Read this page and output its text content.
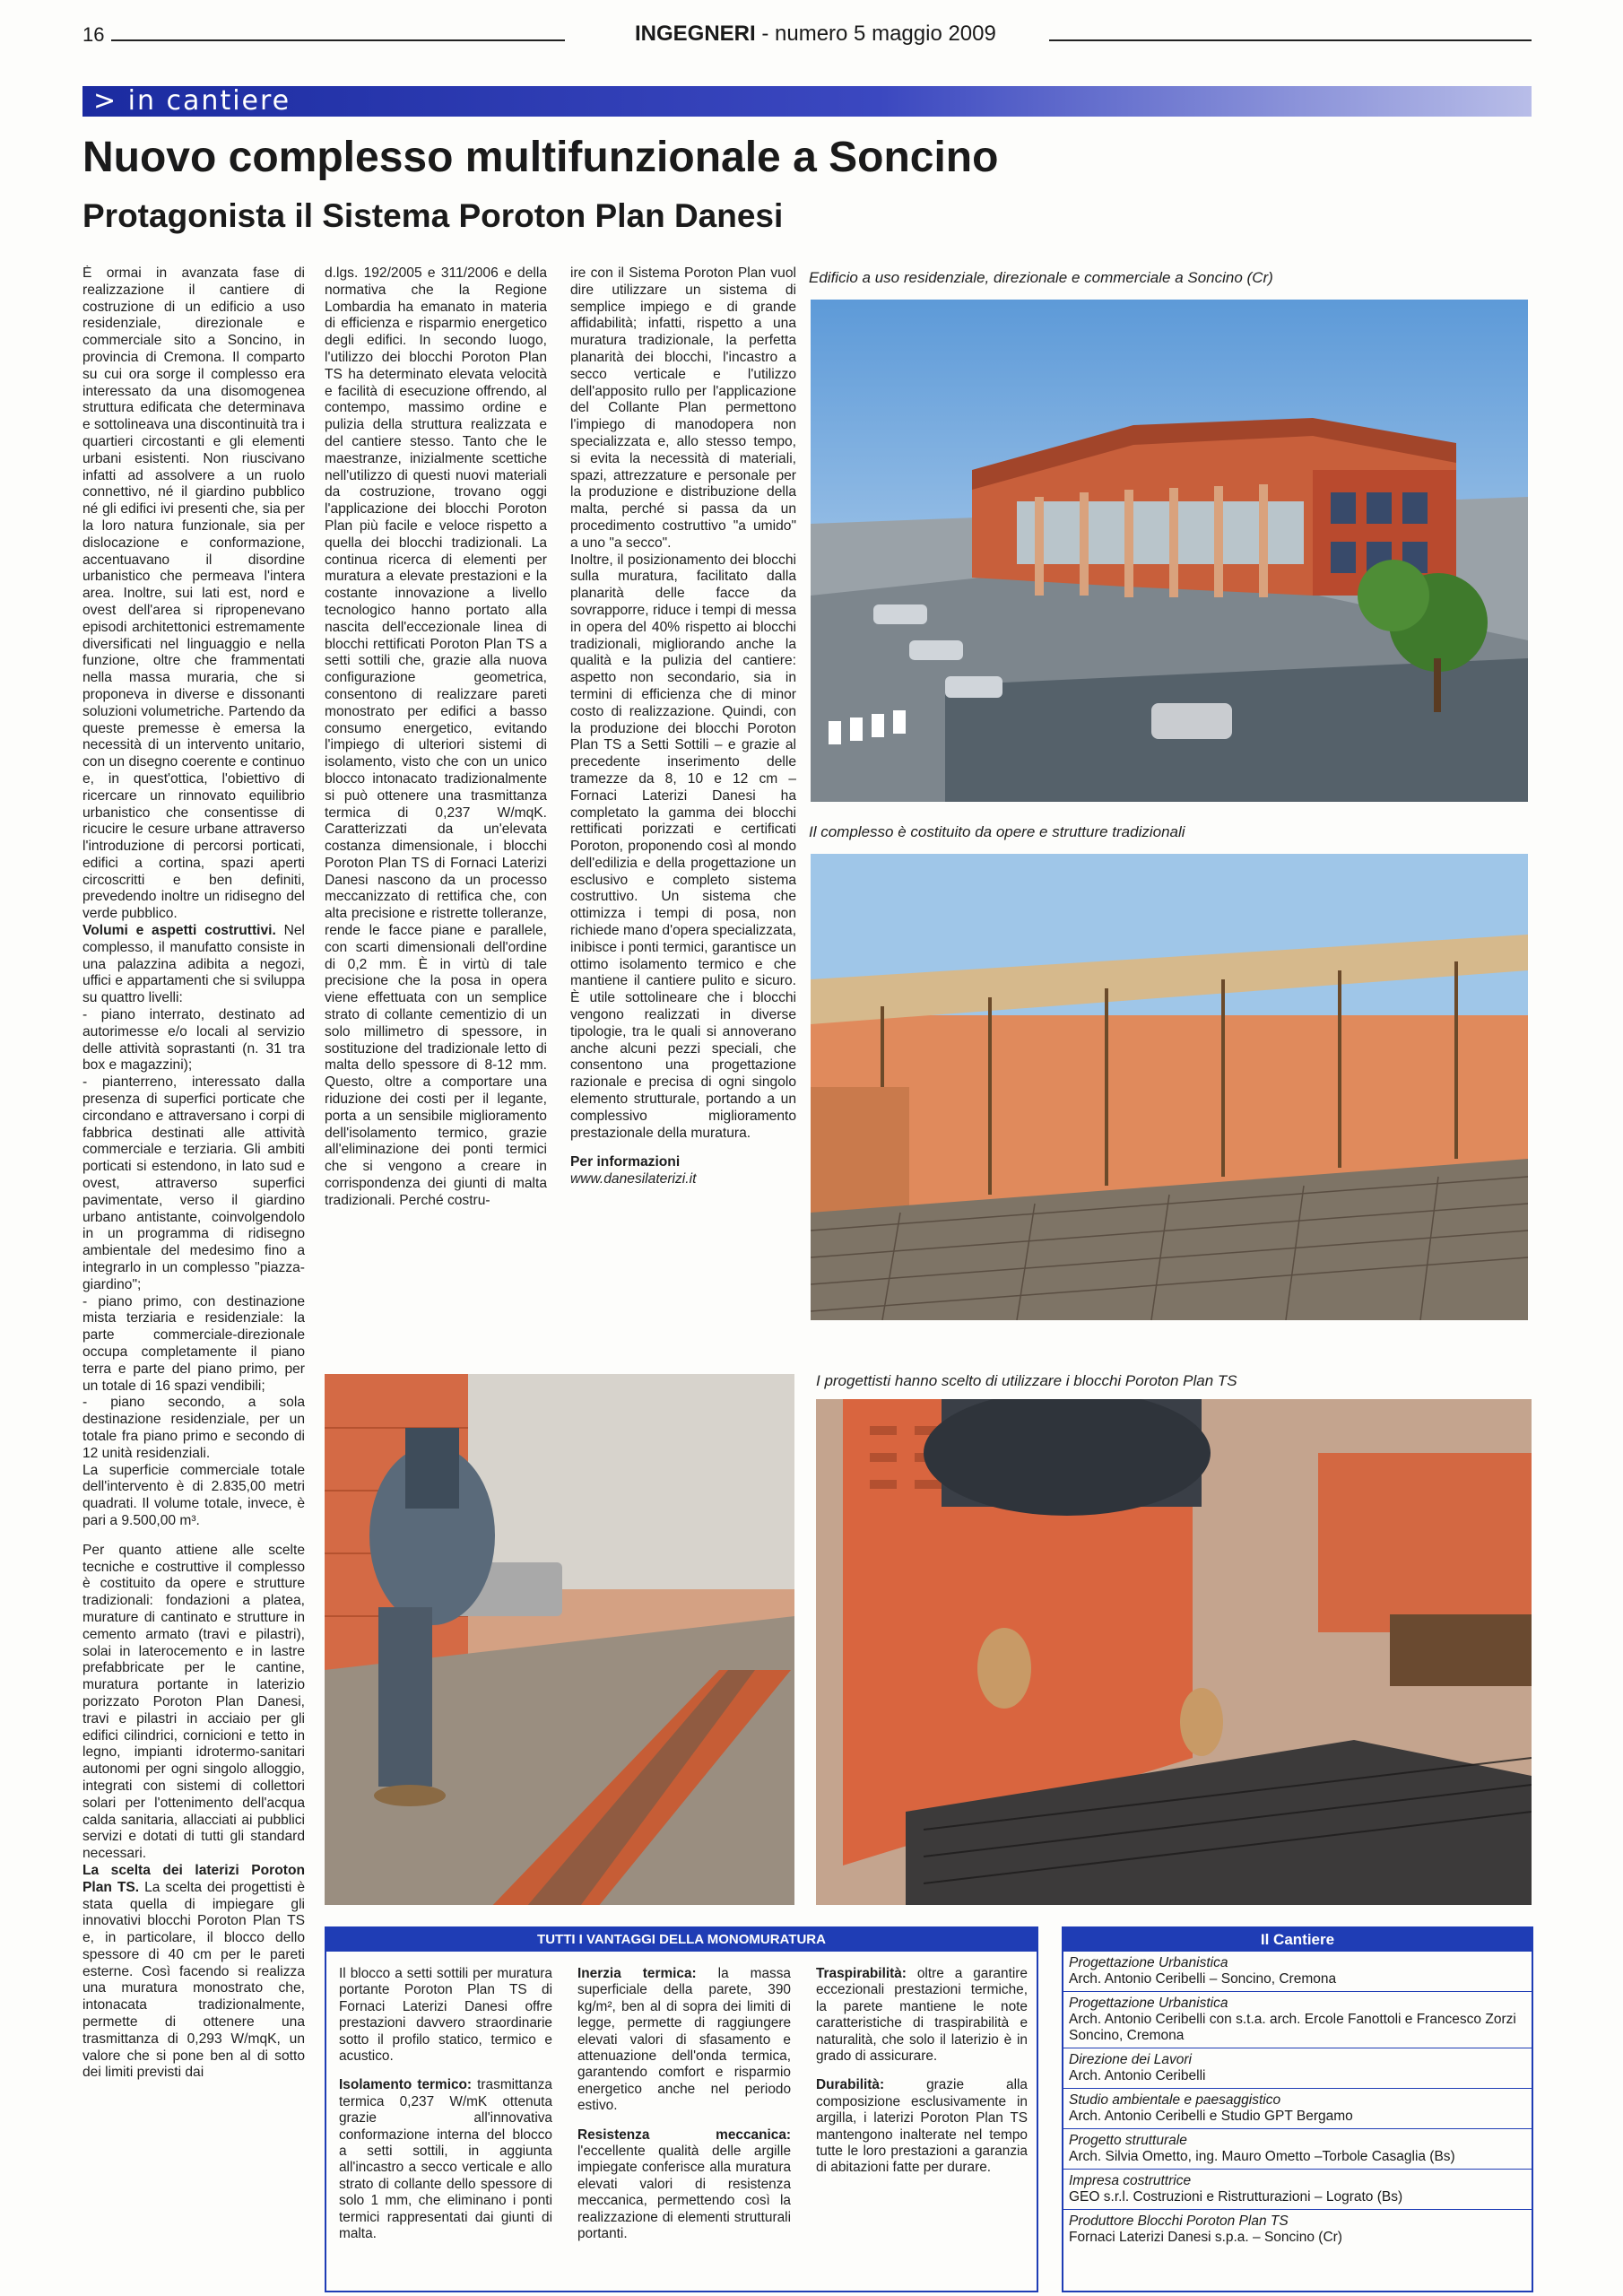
16	INGEGNERI - numero 5 maggio 2009
> in cantiere
Nuovo complesso multifunzionale a Soncino
Protagonista il Sistema Poroton Plan Danesi

È ormai in avanzata fase di realizzazione il cantiere di costruzione di un edificio a uso residenziale, direzionale e commerciale sito a Soncino, in provincia di Cremona. Il comparto su cui ora sorge il complesso era interessato da una disomogenea struttura edificata che determinava e sottolineava una discontinuità tra i quartieri circostanti e gli elementi urbani esistenti. Non riuscivano infatti ad assolvere a un ruolo connettivo, né il giardino pubblico né gli edifici ivi presenti che, sia per la loro natura funzionale, sia per dislocazione e conformazione, accentuavano il disordine urbanistico che permeava l'intera area. Inoltre, sui lati est, nord e ovest dell'area si ripropenevano episodi architettonici estremamente diversificati nel linguaggio e nella funzione, oltre che frammentati nella massa muraria, che si proponeva in diverse e dissonanti soluzioni volumetriche. Partendo da queste premesse è emersa la necessità di un intervento unitario, con un disegno coerente e continuo e, in quest'ottica, l'obiettivo di ricercare un rinnovato equilibrio urbanistico che consentisse di ricucire le cesure urbane attraverso l'introduzione di percorsi porticati, edifici a cortina, spazi aperti circoscritti e ben definiti, prevedendo inoltre un ridisegno del verde pubblico.

Volumi e aspetti costruttivi. Nel complesso, il manufatto consiste in una palazzina adibita a negozi, uffici e appartamenti che si sviluppa su quattro livelli:

- piano interrato, destinato ad autorimesse e/o locali al servizio delle attività soprastanti (n. 31 tra box e magazzini);

- pianterreno, interessato dalla presenza di superfici porticate che circondano e attraversano i corpi di fabbrica destinati alle attività commerciale e terziaria. Gli ambiti porticati si estendono, in lato sud e ovest, attraverso superfici pavimentate, verso il giardino urbano antistante, coinvolgendolo in un programma di ridisegno ambientale del medesimo fino a integrarlo in un complesso "piazza-giardino";

- piano primo, con destinazione mista terziaria e residenziale: la parte commerciale-direzionale occupa completamente il piano terra e parte del piano primo, per un totale di 16 spazi vendibili;

- piano secondo, a sola destinazione residenziale, per un totale fra piano primo e secondo di 12 unità residenziali.

La superficie commerciale totale dell'intervento è di 2.835,00 metri quadrati. Il volume totale, invece, è pari a 9.500,00 m³.

Per quanto attiene alle scelte tecniche e costruttive il complesso è costituito da opere e strutture tradizionali: fondazioni a platea, murature di cantinato e strutture in cemento armato (travi e pilastri), solai in laterocemento e in lastre prefabbricate per le cantine, muratura portante in laterizio porizzato Poroton Plan Danesi, travi e pilastri in acciaio per gli edifici cilindrici, cornicioni e tetto in legno, impianti idrotermo-sanitari autonomi per ogni singolo alloggio, integrati con sistemi di collettori solari per l'ottenimento dell'acqua calda sanitaria, allacciati ai pubblici servizi e dotati di tutti gli standard necessari.

La scelta dei laterizi Poroton Plan TS. La scelta dei progettisti è stata quella di impiegare gli innovativi blocchi Poroton Plan TS e, in particolare, il blocco dello spessore di 40 cm per le pareti esterne. Così facendo si realizza una muratura monostrato che, intonacata tradizionalmente, permette di ottenere una trasmittanza di 0,293 W/mqK, un valore che si pone ben al di sotto dei limiti previsti dai

d.lgs. 192/2005 e 311/2006 e della normativa che la Regione Lombardia ha emanato in materia di efficienza e risparmio energetico degli edifici. In secondo luogo, l'utilizzo dei blocchi Poroton Plan TS ha determinato elevata velocità e facilità di esecuzione offrendo, al contempo, massimo ordine e pulizia della struttura realizzata e del cantiere stesso. Tanto che le maestranze, inizialmente scettiche nell'utilizzo di questi nuovi materiali da costruzione, trovano oggi l'applicazione dei blocchi Poroton Plan più facile e veloce rispetto a quella dei blocchi tradizionali. La continua ricerca di elementi per muratura a elevate prestazioni e la costante innovazione a livello tecnologico hanno portato alla nascita dell'eccezionale linea di blocchi rettificati Poroton Plan TS a setti sottili che, grazie alla nuova configurazione geometrica, consentono di realizzare pareti monostrato per edifici a basso consumo energetico, evitando l'impiego di ulteriori sistemi di isolamento, visto che con un unico blocco intonacato tradizionalmente si può ottenere una trasmittanza termica di 0,237 W/mqK. Caratterizzati da un'elevata costanza dimensionale, i blocchi Poroton Plan TS di Fornaci Laterizi Danesi nascono da un processo meccanizzato di rettifica che, con alta precisione e ristrette tolleranze, rende le facce piane e parallele, con scarti dimensionali dell'ordine di 0,2 mm. È in virtù di tale precisione che la posa in opera viene effettuata con un semplice strato di collante cementizio di un solo millimetro di spessore, in sostituzione del tradizionale letto di malta dello spessore di 8-12 mm. Questo, oltre a comportare una riduzione dei costi per il legante, porta a un sensibile miglioramento dell'isolamento termico, grazie all'eliminazione dei ponti termici che si vengono a creare in corrispondenza dei giunti di malta tradizionali. Perché costru-

ire con il Sistema Poroton Plan vuol dire utilizzare un sistema di semplice impiego e di grande affidabilità; infatti, rispetto a una muratura tradizionale, la perfetta planarità dei blocchi, l'incastro a secco verticale e l'utilizzo dell'apposito rullo per l'applicazione del Collante Plan permettono l'impiego di manodopera non specializzata e, allo stesso tempo, si evita la necessità di materiali, spazi, attrezzature e personale per la produzione e distribuzione della malta, perché si passa da un procedimento costruttivo "a umido" a uno "a secco".

Inoltre, il posizionamento dei blocchi sulla muratura, facilitato dalla planarità delle facce da sovrapporre, riduce i tempi di messa in opera del 40% rispetto ai blocchi tradizionali, migliorando anche la qualità e la pulizia del cantiere: aspetto non secondario, sia in termini di efficienza che di minor costo di realizzazione. Quindi, con la produzione dei blocchi Poroton Plan TS a Setti Sottili – e grazie al precedente inserimento delle tramezze da 8, 10 e 12 cm – Fornaci Laterizi Danesi ha completato la gamma dei blocchi rettificati porizzati e certificati Poroton, proponendo così al mondo dell'edilizia e della progettazione un esclusivo e completo sistema costruttivo. Un sistema che ottimizza i tempi di posa, non richiede mano d'opera specializzata, inibisce i ponti termici, garantisce un ottimo isolamento termico e che mantiene il cantiere pulito e sicuro. È utile sottolineare che i blocchi vengono realizzati in diverse tipologie, tra le quali si annoverano anche alcuni pezzi speciali, che consentono una progettazione razionale e precisa di ogni singolo elemento strutturale, portando a un complessivo miglioramento prestazionale della muratura.

Per informazioni
www.danesilaterizi.it

Edificio a uso residenziale, direzionale e commerciale a Soncino (Cr)
Il complesso è costituito da opere e strutture tradizionali
I progettisti hanno scelto di utilizzare i blocchi Poroton Plan TS
TUTTI I VANTAGGI DELLA MONOMURATURA

Il blocco a setti sottili per muratura portante Poroton Plan TS di Fornaci Laterizi Danesi offre prestazioni davvero straordinarie sotto il profilo statico, termico e acustico.

Isolamento termico: trasmittanza termica 0,237 W/mK ottenuta grazie all'innovativa conformazione interna del blocco a setti sottili, in aggiunta all'incastro a secco verticale e allo strato di collante dello spessore di solo 1 mm, che eliminano i ponti termici rappresentati dai giunti di malta.

Inerzia termica: la massa superficiale della parete, 390 kg/m², ben al di sopra dei limiti di legge, permette di raggiungere elevati valori di sfasamento e attenuazione dell'onda termica, garantendo comfort e risparmio energetico anche nel periodo estivo.

Resistenza meccanica: l'eccellente qualità delle argille impiegate conferisce alla muratura elevati valori di resistenza meccanica, permettendo così la realizzazione di elementi strutturali portanti.

Traspirabilità: oltre a garantire eccezionali prestazioni termiche, la parete mantiene le note caratteristiche di traspirabilità e naturalità, che solo il laterizio è in grado di assicurare.

Durabilità: grazie alla composizione esclusivamente in argilla, i laterizi Poroton Plan TS mantengono inalterate nel tempo tutte le loro prestazioni a garanzia di abitazioni fatte per durare.

Il Cantiere
Progettazione Urbanistica
Arch. Antonio Ceribelli – Soncino, Cremona
Progettazione Urbanistica
Arch. Antonio Ceribelli con s.t.a. arch. Ercole Fanottoli e Francesco Zorzi Soncino, Cremona
Direzione dei Lavori
Arch. Antonio Ceribelli
Studio ambientale e paesaggistico
Arch. Antonio Ceribelli e Studio GPT Bergamo
Progetto strutturale
Arch. Silvia Ometto, ing. Mauro Ometto –Torbole Casaglia (Bs)
Impresa costruttrice
GEO s.r.l. Costruzioni e Ristrutturazioni – Lograto (Bs)
Produttore Blocchi Poroton Plan TS
Fornaci Laterizi Danesi s.p.a. – Soncino (Cr)
